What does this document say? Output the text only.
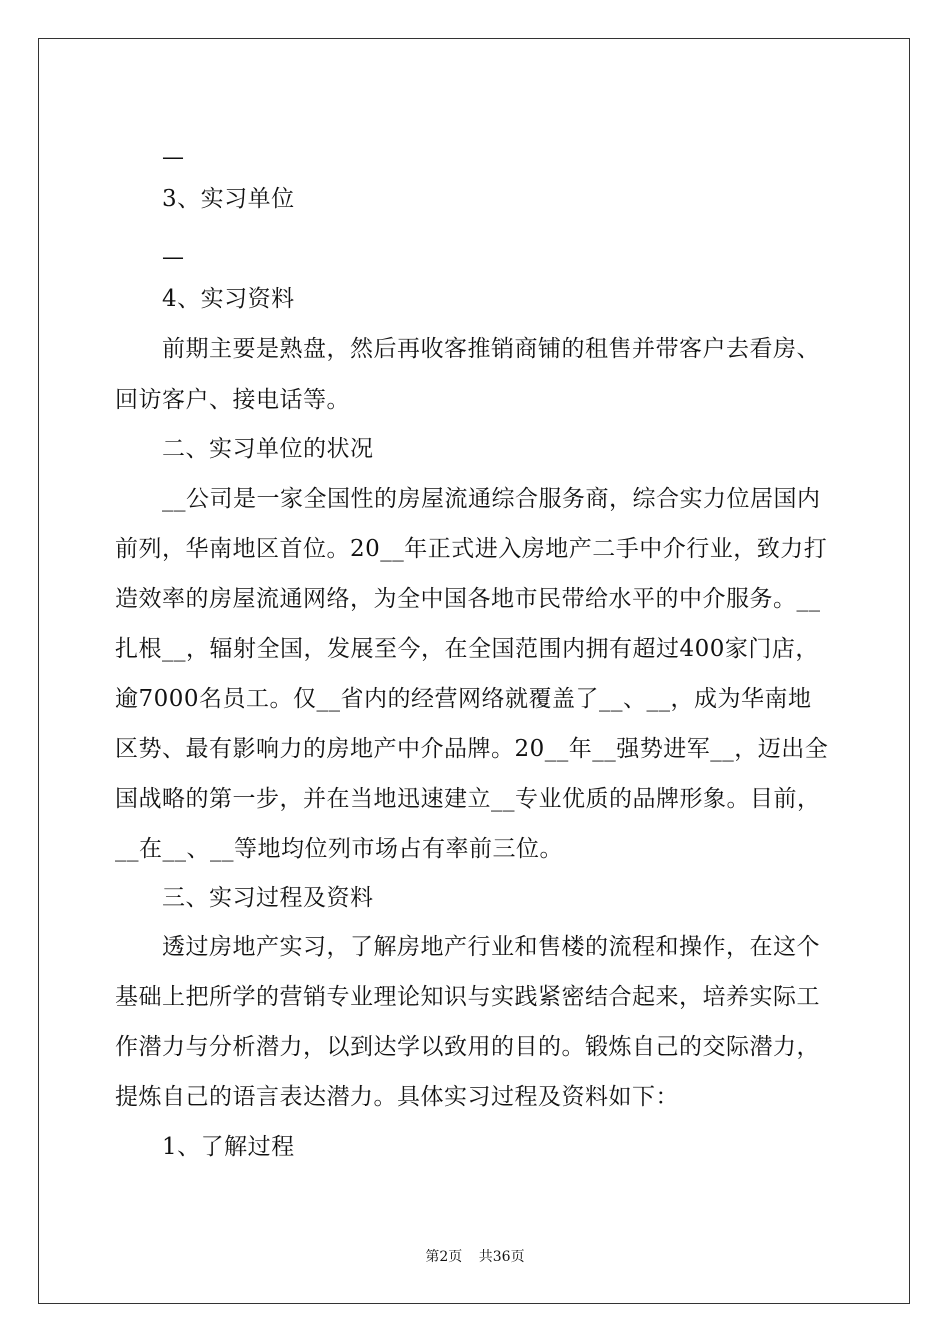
—
3、实习单位
—
4、实习资料
前期主要是熟盘，然后再收客推销商铺的租售并带客户去看房、
回访客户、接电话等。
二、实习单位的状况
__公司是一家全国性的房屋流通综合服务商，综合实力位居国内
前列，华南地区首位。20__年正式进入房地产二手中介行业，致力打
造效率的房屋流通网络，为全中国各地市民带给水平的中介服务。__
扎根__，辐射全国，发展至今，在全国范围内拥有超过400家门店，
逾7000名员工。仅__省内的经营网络就覆盖了__、__，成为华南地
区势、最有影响力的房地产中介品牌。20__年__强势进军__，迈出全
国战略的第一步，并在当地迅速建立__专业优质的品牌形象。目前，
__在__、__等地均位列市场占有率前三位。
三、实习过程及资料
透过房地产实习，了解房地产行业和售楼的流程和操作，在这个
基础上把所学的营销专业理论知识与实践紧密结合起来，培养实际工
作潜力与分析潜力，以到达学以致用的目的。锻炼自己的交际潜力，
提炼自己的语言表达潜力。具体实习过程及资料如下：
1、了解过程
第2页 共36页
